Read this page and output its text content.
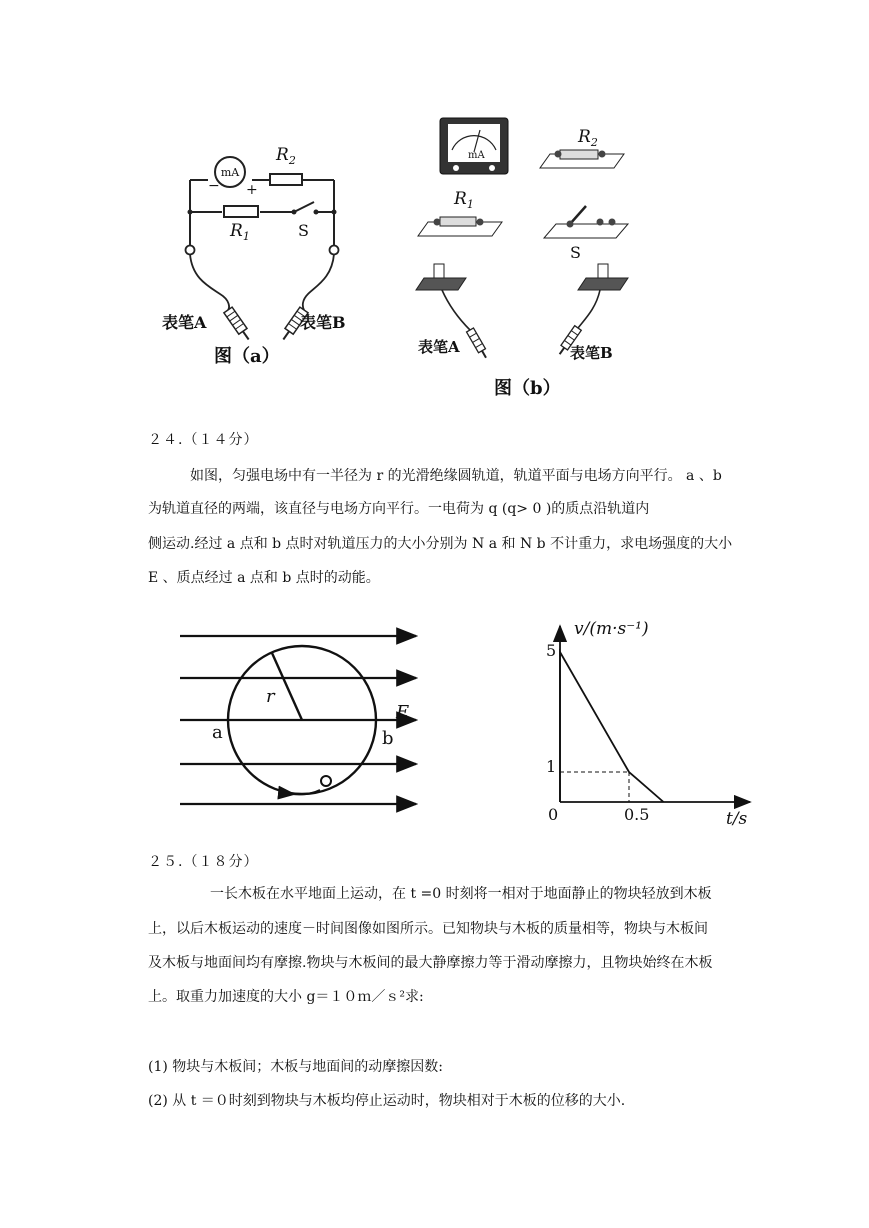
mA
− +
$R_2$
$R_1$	S
表笔A	表笔B
图（a）
mA
$R_2$
$R_1$
S
表笔A	表笔B
图（b）
２４.（１４分）
如图，匀强电场中有一半径为 r 的光滑绝缘圆轨道，轨道平面与电场方向平行。 a 、b
为轨道直径的两端，该直径与电场方向平行。一电荷为 q (q> 0 )的质点沿轨道内
侧运动.经过 a 点和 b 点时对轨道压力的大小分别为 N a 和 N b 不计重力，求电场强度的大小
E 、质点经过 a 点和 b 点时的动能。
r
E
a	b
v/(m·s⁻¹)
t/s
5
1
0	0.5
２５.（１８分）
一长木板在水平地面上运动，在 t =0 时刻将一相对于地面静止的物块轻放到木板
上，以后木板运动的速度－时间图像如图所示。已知物块与木板的质量相等，物块与木板间
及木板与地面间均有摩擦.物块与木板间的最大静摩擦力等于滑动摩擦力，且物块始终在木板
上。取重力加速度的大小 g＝１０ｍ／ｓ²求:
(1) 物块与木板间；木板与地面间的动摩擦因数:
(2) 从 t ＝０时刻到物块与木板均停止运动时，物块相对于木板的位移的大小.
